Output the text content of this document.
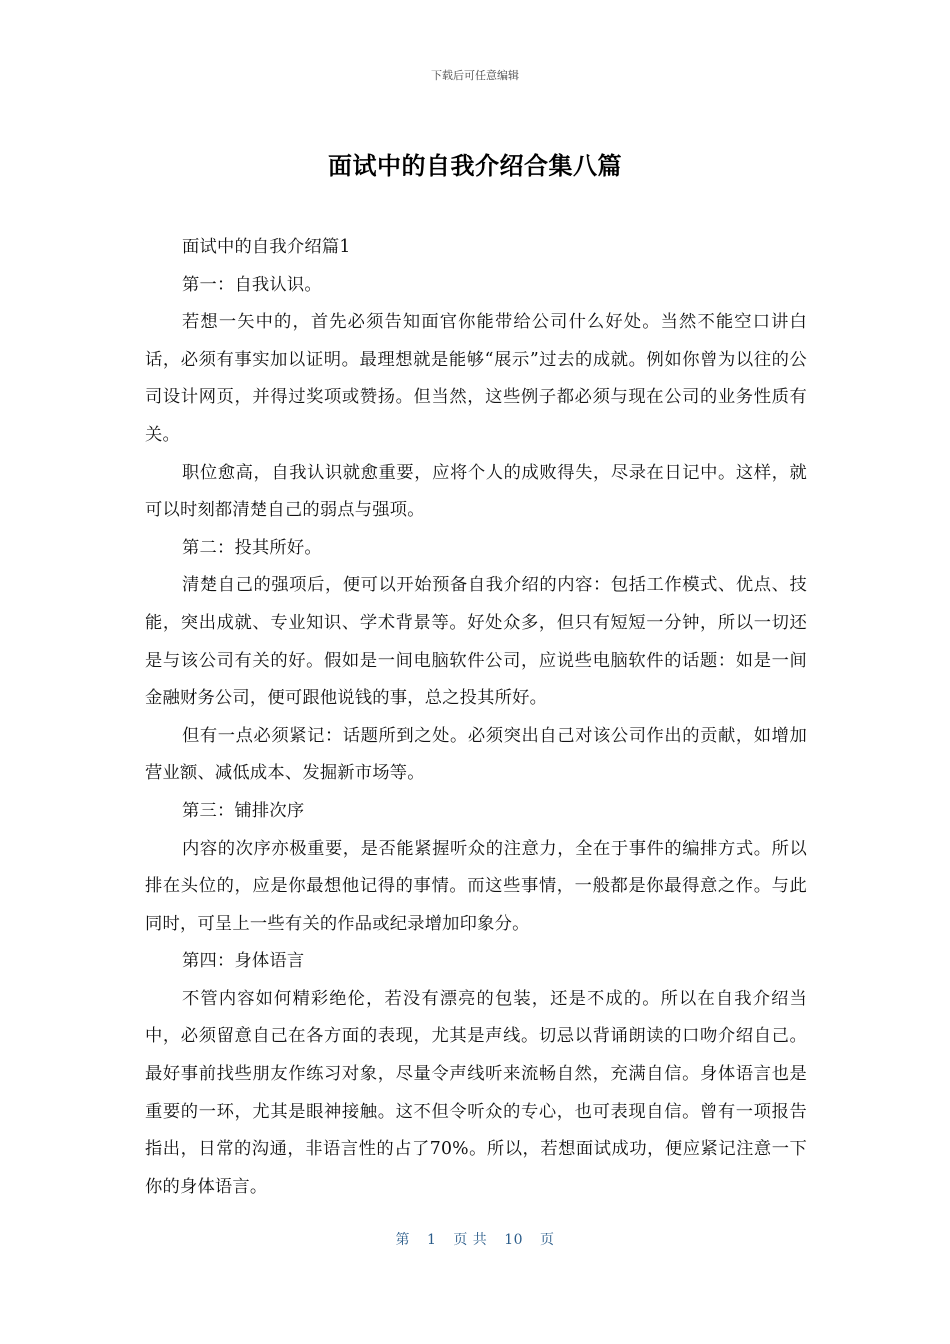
下载后可任意编辑
面试中的自我介绍合集八篇

面试中的自我介绍篇1

第一：自我认识。

若想一矢中的，首先必须告知面官你能带给公司什么好处。当然不能空口讲白话，必须有事实加以证明。最理想就是能够“展示”过去的成就。例如你曾为以往的公司设计网页，并得过奖项或赞扬。但当然，这些例子都必须与现在公司的业务性质有关。

职位愈高，自我认识就愈重要，应将个人的成败得失，尽录在日记中。这样，就可以时刻都清楚自己的弱点与强项。

第二：投其所好。

清楚自己的强项后，便可以开始预备自我介绍的内容：包括工作模式、优点、技能，突出成就、专业知识、学术背景等。好处众多，但只有短短一分钟，所以一切还是与该公司有关的好。假如是一间电脑软件公司，应说些电脑软件的话题：如是一间金融财务公司，便可跟他说钱的事，总之投其所好。

但有一点必须紧记：话题所到之处。必须突出自己对该公司作出的贡献，如增加营业额、减低成本、发掘新市场等。

第三：铺排次序

内容的次序亦极重要，是否能紧握听众的注意力，全在于事件的编排方式。所以排在头位的，应是你最想他记得的事情。而这些事情，一般都是你最得意之作。与此同时，可呈上一些有关的作品或纪录增加印象分。

第四：身体语言

不管内容如何精彩绝伦，若没有漂亮的包装，还是不成的。所以在自我介绍当中，必须留意自己在各方面的表现，尤其是声线。切忌以背诵朗读的口吻介绍自己。最好事前找些朋友作练习对象，尽量令声线听来流畅自然，充满自信。身体语言也是重要的一环，尤其是眼神接触。这不但令听众的专心，也可表现自信。曾有一项报告指出，日常的沟通，非语言性的占了70%。所以，若想面试成功，便应紧记注意一下你的身体语言。

第 1 页 共 10 页
